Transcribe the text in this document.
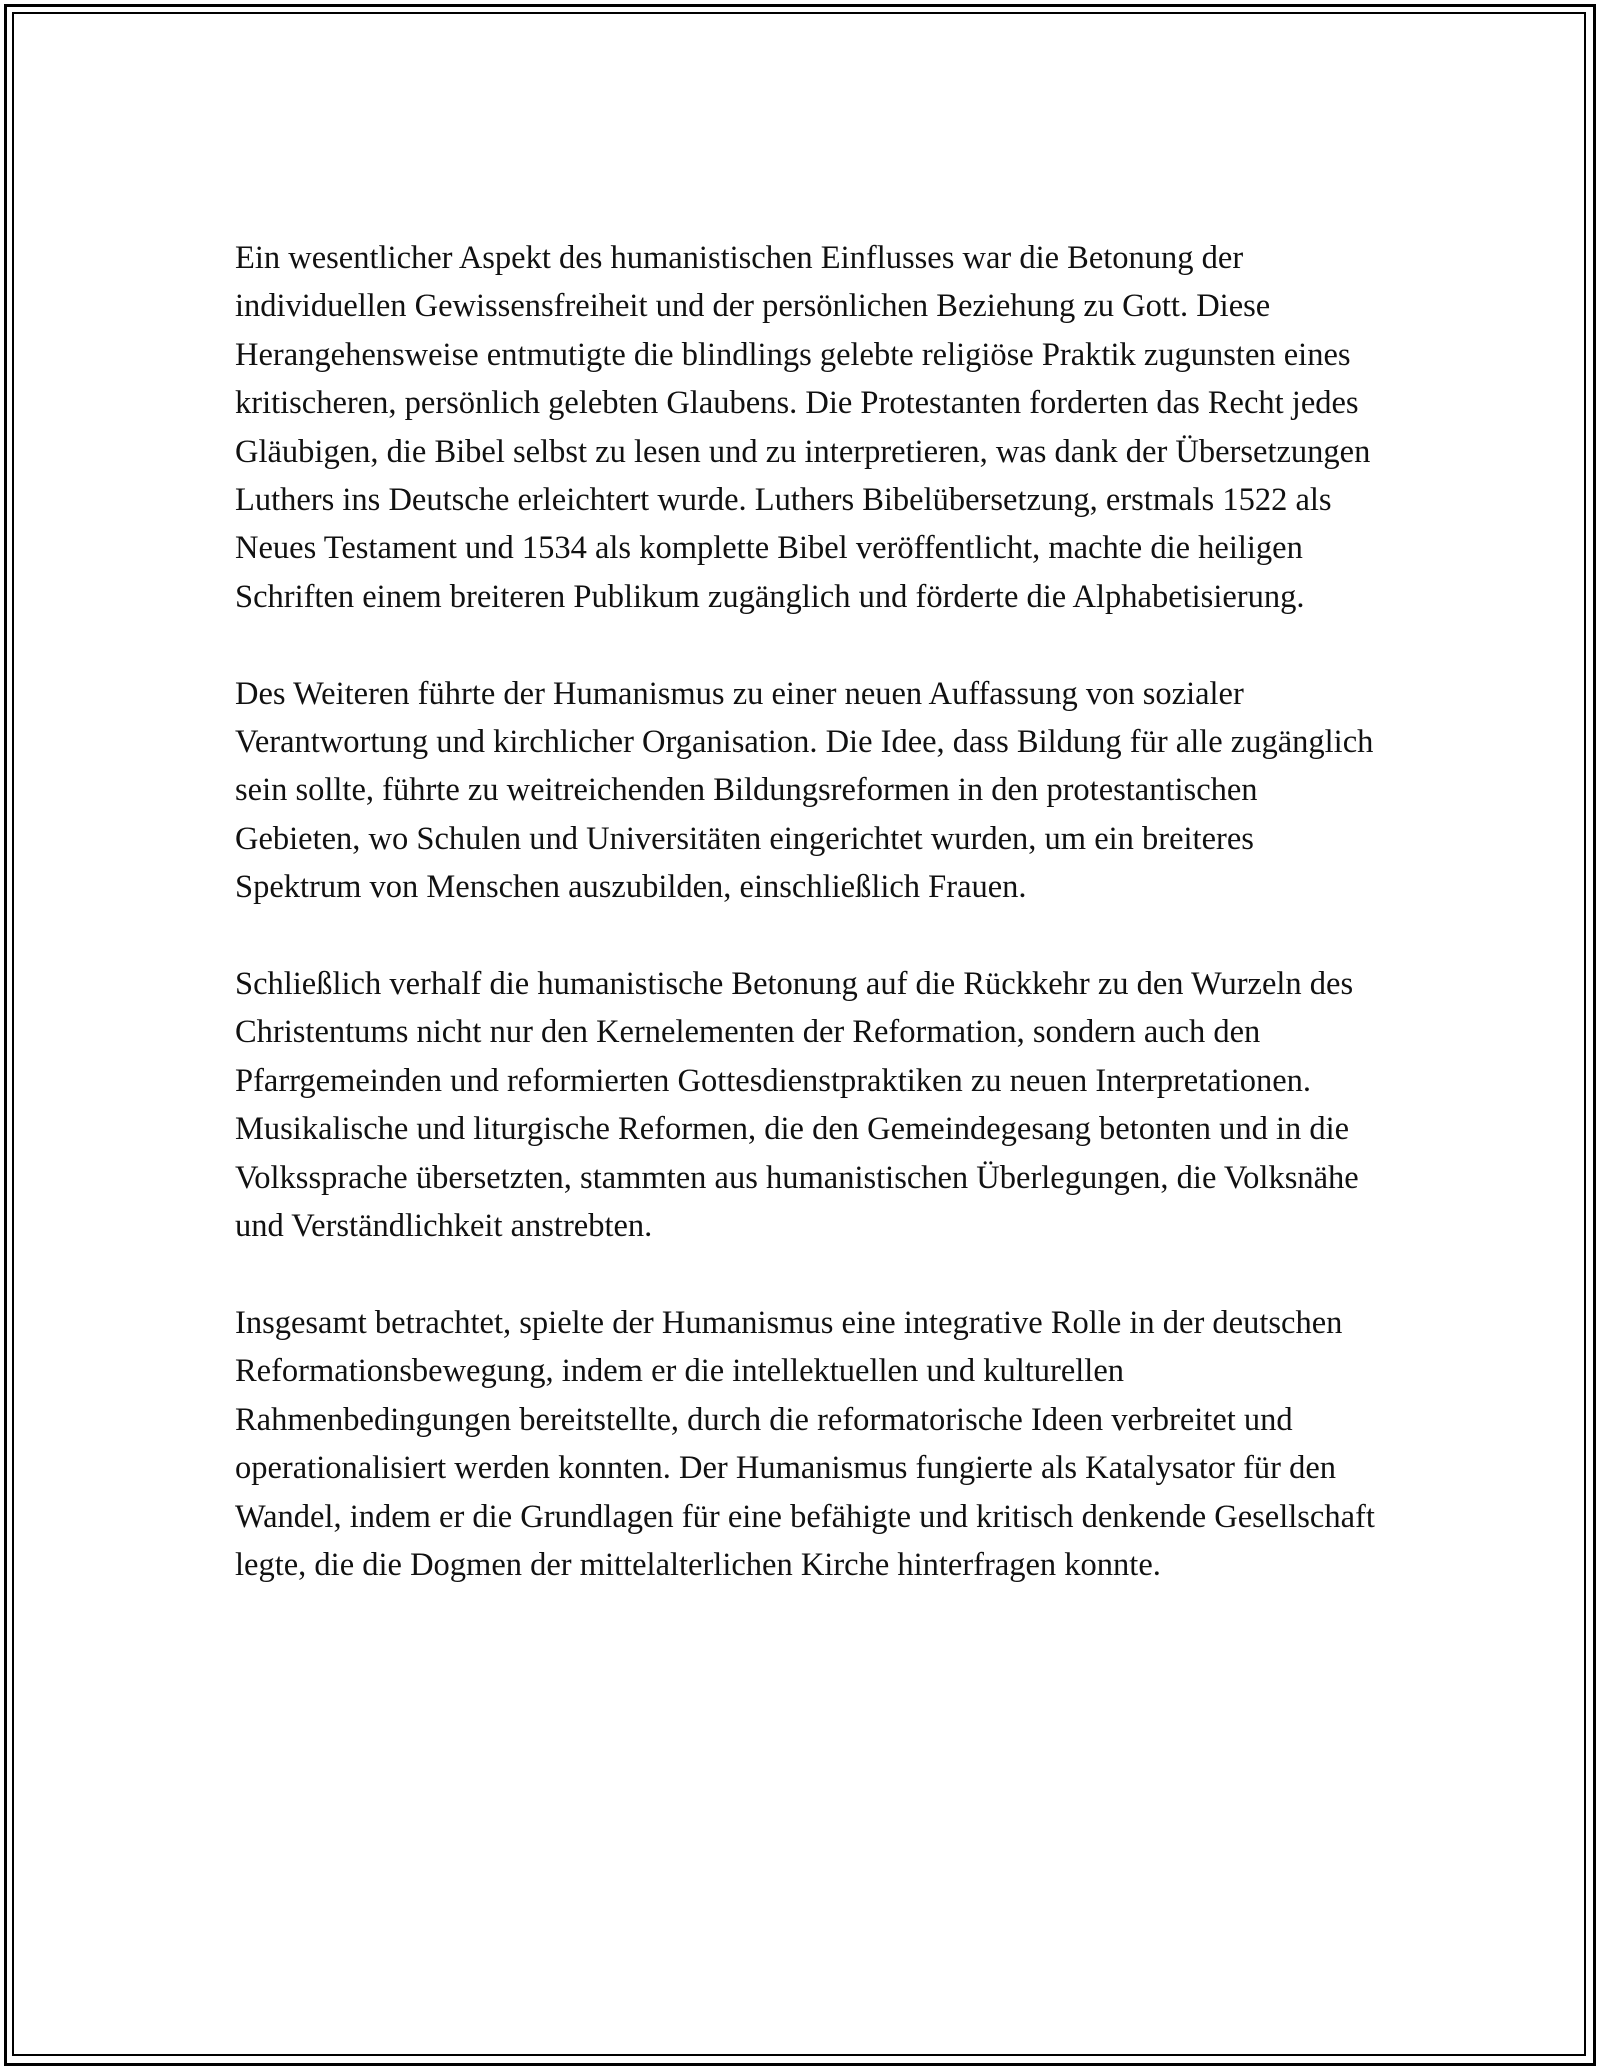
Ein wesentlicher Aspekt des humanistischen Einflusses war die Betonung der individuellen Gewissensfreiheit und der persönlichen Beziehung zu Gott. Diese Herangehensweise entmutigte die blindlings gelebte religiöse Praktik zugunsten eines kritischeren, persönlich gelebten Glaubens. Die Protestanten forderten das Recht jedes Gläubigen, die Bibel selbst zu lesen und zu interpretieren, was dank der Übersetzungen Luthers ins Deutsche erleichtert wurde. Luthers Bibelübersetzung, erstmals 1522 als Neues Testament und 1534 als komplette Bibel veröffentlicht, machte die heiligen Schriften einem breiteren Publikum zugänglich und förderte die Alphabetisierung.

Des Weiteren führte der Humanismus zu einer neuen Auffassung von sozialer Verantwortung und kirchlicher Organisation. Die Idee, dass Bildung für alle zugänglich sein sollte, führte zu weitreichenden Bildungsreformen in den protestantischen Gebieten, wo Schulen und Universitäten eingerichtet wurden, um ein breiteres Spektrum von Menschen auszubilden, einschließlich Frauen.

Schließlich verhalf die humanistische Betonung auf die Rückkehr zu den Wurzeln des Christentums nicht nur den Kernelementen der Reformation, sondern auch den Pfarrgemeinden und reformierten Gottesdienstpraktiken zu neuen Interpretationen. Musikalische und liturgische Reformen, die den Gemeindegesang betonten und in die Volkssprache übersetzten, stammten aus humanistischen Überlegungen, die Volksnähe und Verständlichkeit anstrebten.

Insgesamt betrachtet, spielte der Humanismus eine integrative Rolle in der deutschen Reformationsbewegung, indem er die intellektuellen und kulturellen Rahmenbedingungen bereitstellte, durch die reformatorische Ideen verbreitet und operationalisiert werden konnten. Der Humanismus fungierte als Katalysator für den Wandel, indem er die Grundlagen für eine befähigte und kritisch denkende Gesellschaft legte, die die Dogmen der mittelalterlichen Kirche hinterfragen konnte.
